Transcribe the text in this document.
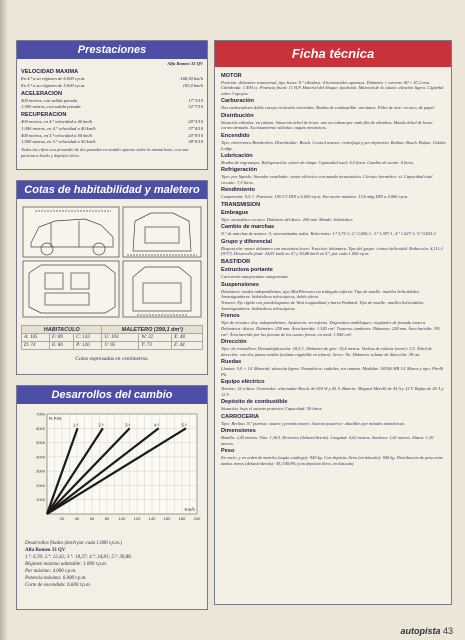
Prestaciones
Alfa Romeo 33 QV
VELOCIDAD MAXIMA
En 4.ª a su régimen de 6.000 r.p.m.	168,50 km/h
En 5.ª a su régimen de 5.600 r.p.m.	183,0 km/h
ACELERACION
400 metros, con salida parada	17"3/10
1.000 metros, con salida parada	32"7/10
RECUPERACION
400 metros, en 4.ª velocidad a 40 km/h	20"3/10
1.000 metros, en 4.ª velocidad a 40 km/h	37"4/10
400 metros, en 5.ª velocidad a 50 km/h	20"9/10
1.000 metros, en 5.ª velocidad a 50 km/h	38"0/10
Todas las cifras son promedio de dos pasadas en sentido opuesto sobre la misma base, con una persona a bordo y depósito lleno.
Cotas de habitabilidad y maletero
HABITACULO			MALETERO (399,1 dm³)		
A: 105	F: 89	C: 133	U: 103	W: 22	X: 48
D: 74	E: 86	P: 120	V: 95	Y: 73	Z: 44
Cotas expresadas en centímetros.
Desarrollos del cambio
20	40	60	80 100 120 140 160 180 200
1000
2000
3000
4000
5000
6000
7000
R.P.M.
Km/h
1.ª	2.ª	3.ª	4.ª	5.ª
Desarrollos finales (km/h por cada 1.000 r.p.m.)
Alfa Romeo 33 QV
1.ª: 6,78; 2.ª: 12,42; 3.ª: 18,37; 4.ª: 24,81; 5.ª: 30,88.
Régimen máximo admisible: 1.000 r.p.m.
Par máximo: 4.000 r.p.m.
Potencia máxima: 6.000 r.p.m.
Corte de encendido: 6.600 r.p.m.
Ficha técnica
MOTOR
Posición: delantero transversal, tipo boxer. N.º cilindros: 4 horizontales opuestos. Diámetro × carrera: 80 × 67,2 mm. Cilindrada: 1.490 cc. Potencia fiscal: 11 H.P. Material del bloque: fundición. Material de la culata: aleación ligera. Cigüeñal sobre 3 apoyos.
Carburación
Dos carburadores doble cuerpo verticales invertidos. Bomba de combustible: mecánica. Filtro de aire: en seco, de papel.
Distribución
Situación válvulas: en cabeza. Situación árbol de levas: uno en cabeza por cada fila de cilindros. Mando árbol de levas: correa dentada. Accionamiento válvulas: taqués mecánicos.
Encendido
Tipo: electrónico Breakerless. Distribuidor: Bosch. Control avance: centrífugo y por depresión. Bobina: Bosch. Bujías: Golden Lodge.
Lubricación
Bomba de engranajes. Refrigeración: cárter de chapa. Capacidad total: 4,5 litros. Cambio de aceite: 4 litros.
Refrigeración
Tipo: por líquido. Aireador ventilador: motor eléctrico con mando termostático. Circuito hermético: sí. Capacidad total circuito: 7,5 litros.
Rendimiento
Compresión: 9,5:1. Potencia: 105 CV DIN a 6.000 r.p.m. Par motor máximo: 13,6 mkg DIN a 4.000 r.p.m.
TRANSMISION
Embrague
Tipo: monodisco en seco. Diámetro del disco: 200 mm. Mando: hidráulico.
Cambio de marchas
N.º de marchas de avance: 5, sincronizadas todas. Relaciones: 1.ª 3,75:1; 2.ª 2,050:1; 3.ª 1,387:1; 4.ª 1,027:1; 5.ª 0,825:1.
Grupo y diferencial
Disposición: motor delantero con mecánica boxer. Tracción: delantera. Tipo del grupo: cónico helicoidal. Reducción: 4,111:1 (9/37). Desarrollo final: 24,81 km/h en 4.ª y 30,88 km/h en 5.ª, por cada 1.000 r.p.m.
BASTIDOR
Estructura portante
Carrocería autoportante autoportante.
Suspensiones
Delantera: ruedas independientes, tipo MacPherson con triángulo inferior. Tipo de muelle: muelles helicoidales. Amortiguadores: hidráulicos telescópicos, doble efecto.
Trasera: Eje rígido con paralelogramo de Watt longitudinal y barra Panhard. Tipo de muelle: muelles helicoidales. Amortiguadores: hidráulicos telescópicos.
Frenos
Tipo de circuito: dos, independientes. Asistencia: servofreno. Dispositivo antibloqueo: regulador de frenada trasera. Delanteros: discos. Diámetro: 258 mm. Área barrida: 1.545 cm². Traseros: tambores. Diámetro: 228 mm. Área barrida: 391 cm². Área barrida por las fuerzas de los cuatro frenos, en total: 1.946 cm².
Dirección
Tipo: de cremallera. Desmultiplicación: 18,5:1. Diámetro de giro: 10,4 metros. Vueltas de volante (entre): 3,5. Árbol de dirección: con dos juntas cardán (volante regulable en altura). Servo: No. Diámetro volante de dirección: 38 cm.
Ruedas
Llantas: 5,0 × 14. Material: aleación ligera. Neumáticos: radiales, sin cámara. Medidas: 185/60 HR 14. Marca y tipo: Pirelli P6.
Equipo eléctrico
Tensión: 12 voltios. Generador: alternador Bosch, de 650 W y 45 A. Batería: Magneti Marelli de 45 A y 12 V. Bujías de 45 A y 12 V.
Depósito de combustible
Situación: bajo el asiento posterior. Capacidad: 50 litros.
CARROCERIA
Tipo: Berlina. N.º puertas: cuatro y portón trasero. Asiento posterior: abatibles por mitades asimétricas.
Dimensiones
Batalla: 2,45 metros. Vías: 1,36/1,36 metros (delante/detrás). Longitud: 4,02 metros. Anchura: 1,61 metros. Altura: 1,30 metros.
Peso
En vacío, y en orden de marcha (según catálogo): 940 kg. Con depósito lleno (en báscula): 940 kg. Distribución de peso entre ambos trenes (delante/detrás): 59,3/40,8% (con depósito lleno, en báscula).
autopista 43
